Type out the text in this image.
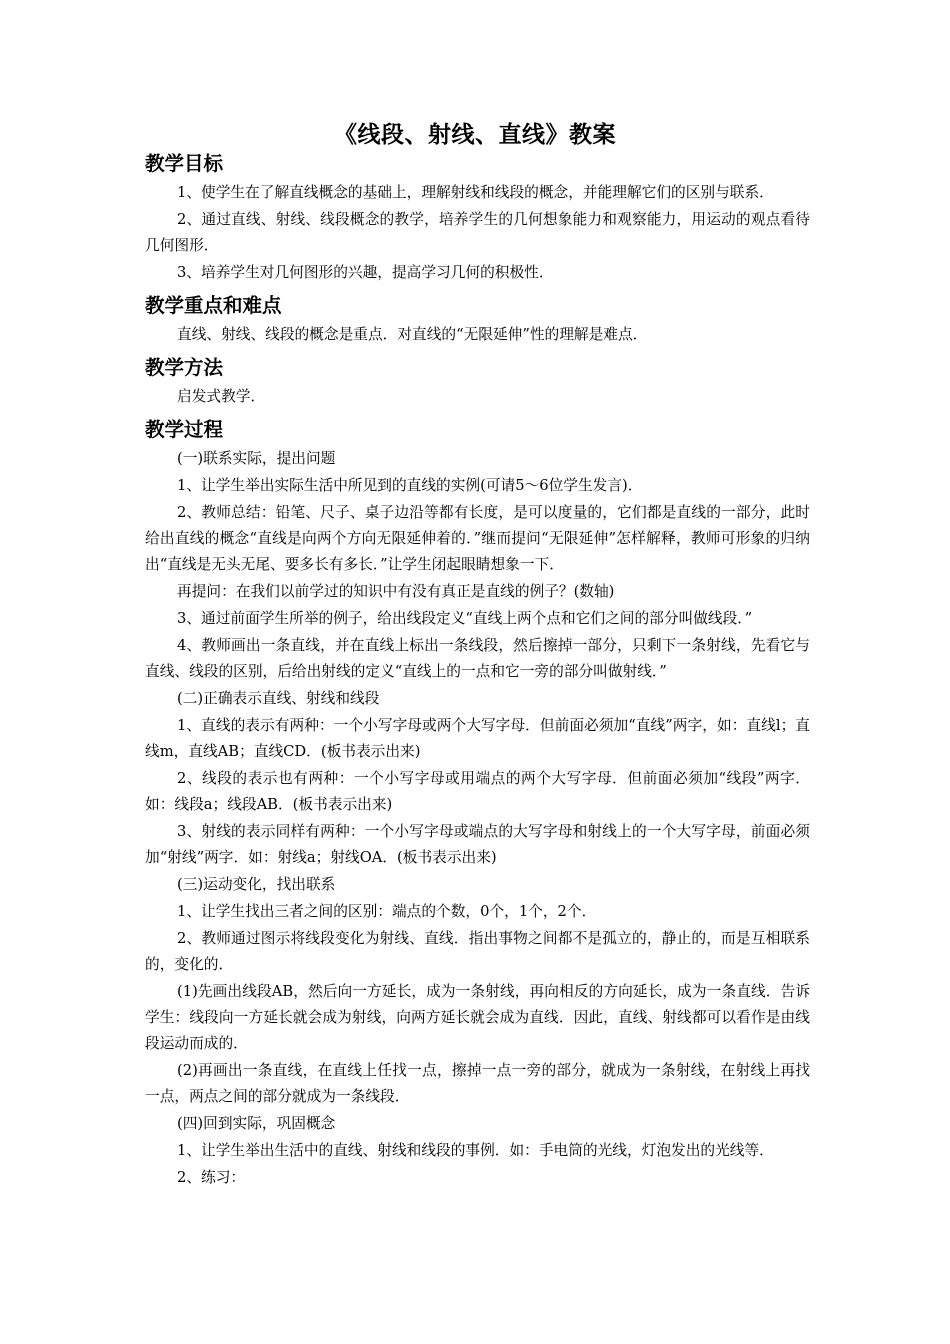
《线段、射线、直线》教案
教学目标
1、使学生在了解直线概念的基础上，理解射线和线段的概念，并能理解它们的区别与联系．
2、通过直线、射线、线段概念的教学，培养学生的几何想象能力和观察能力，用运动的观点看待几何图形．
3、培养学生对几何图形的兴趣，提高学习几何的积极性．
教学重点和难点
直线、射线、线段的概念是重点．对直线的“无限延伸”性的理解是难点．
教学方法
启发式教学．
教学过程
(一)联系实际，提出问题
1、让学生举出实际生活中所见到的直线的实例(可请5～6位学生发言)．
2、教师总结：铅笔、尺子、桌子边沿等都有长度，是可以度量的，它们都是直线的一部分，此时给出直线的概念“直线是向两个方向无限延伸着的．”继而提问“无限延伸”怎样解释，教师可形象的归纳出“直线是无头无尾、要多长有多长．”让学生闭起眼睛想象一下．
再提问：在我们以前学过的知识中有没有真正是直线的例子？(数轴)
3、通过前面学生所举的例子，给出线段定义“直线上两个点和它们之间的部分叫做线段．”
4、教师画出一条直线，并在直线上标出一条线段，然后擦掉一部分，只剩下一条射线，先看它与直线、线段的区别，后给出射线的定义“直线上的一点和它一旁的部分叫做射线．”
(二)正确表示直线、射线和线段
1、直线的表示有两种：一个小写字母或两个大写字母．但前面必须加“直线”两字，如：直线l；直线m，直线AB；直线CD．(板书表示出来)
2、线段的表示也有两种：一个小写字母或用端点的两个大写字母．但前面必须加“线段”两字．如：线段a；线段AB．(板书表示出来)
3、射线的表示同样有两种：一个小写字母或端点的大写字母和射线上的一个大写字母，前面必须加“射线”两字．如：射线a；射线OA．(板书表示出来)
(三)运动变化，找出联系
1、让学生找出三者之间的区别：端点的个数，0个，1个，2个．
2、教师通过图示将线段变化为射线、直线．指出事物之间都不是孤立的，静止的，而是互相联系的，变化的．
(1)先画出线段AB，然后向一方延长，成为一条射线，再向相反的方向延长，成为一条直线．告诉学生：线段向一方延长就会成为射线，向两方延长就会成为直线．因此，直线、射线都可以看作是由线段运动而成的．
(2)再画出一条直线，在直线上任找一点，擦掉一点一旁的部分，就成为一条射线，在射线上再找一点，两点之间的部分就成为一条线段．
(四)回到实际，巩固概念
1、让学生举出生活中的直线、射线和线段的事例．如：手电筒的光线，灯泡发出的光线等．
2、练习：
